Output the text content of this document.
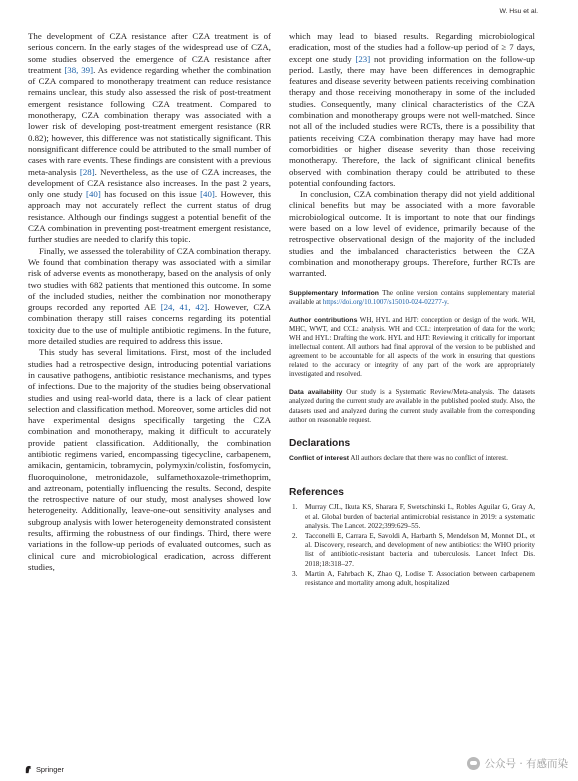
W. Hsu et al.

The development of CZA resistance after CZA treatment is of serious concern. In the early stages of the widespread use of CZA, some studies observed the emergence of CZA resistance after treatment [38, 39]. As evidence regarding whether the combination of CZA compared to monotherapy treatment can reduce resistance remains unclear, this study also assessed the risk of post-treatment emergent resistance following CZA treatment. Compared to monotherapy, CZA combination therapy was associated with a lower risk of developing post-treatment emergent resistance (RR 0.82); however, this difference was not statistically significant. This nonsignificant difference could be attributed to the small number of cases with rare events. These findings are consistent with a previous meta-analysis [28]. Nevertheless, as the use of CZA increases, the development of CZA resistance also increases. In the past 2 years, only one study [40] has focused on this issue [40]. However, this approach may not accurately reflect the current status of drug resistance. Although our findings suggest a potential benefit of the CZA combination in preventing post-treatment emergent resistance, further studies are needed to clarify this topic.

Finally, we assessed the tolerability of CZA combination therapy. We found that combination therapy was associated with a similar risk of adverse events as monotherapy, based on the analysis of only two studies with 682 patients that mentioned this outcome. In some of the included studies, neither the combination nor monotherapy groups recorded any reported AE [24, 41, 42]. However, CZA combination therapy still raises concerns regarding its potential toxicity due to the use of multiple antibiotic regimens. In the future, more detailed studies are required to address this issue.

This study has several limitations. First, most of the included studies had a retrospective design, introducing potential variations in causative pathogens, antibiotic resistance mechanisms, and types of infections. Due to the majority of the studies being observational studies and using real-world data, there is a lack of clear patient selection and classification method. Moreover, some articles did not have experimental designs specifically targeting the CZA combination and monotherapy, making it difficult to accurately provide patient classification. Additionally, the combination antibiotic regimens varied, encompassing tigecycline, carbapenem, amikacin, gentamicin, tobramycin, polymyxin/colistin, fosfomycin, fluoroquinolone, metronidazole, sulfamethoxazole-trimethoprim, and aztreonam, potentially influencing the results. Second, despite the retrospective nature of our study, most analyses showed low heterogeneity. Additionally, leave-one-out sensitivity analyses and subgroup analysis with lower heterogeneity demonstrated consistent results, affirming the robustness of our findings. Third, there were variations in the follow-up periods of evaluated outcomes, such as clinical cure and microbiological eradication, across different studies,

which may lead to biased results. Regarding microbiological eradication, most of the studies had a follow-up period of ≥ 7 days, except one study [23] not providing information on the follow-up period. Lastly, there may have been differences in demographic features and disease severity between patients receiving combination therapy and those receiving monotherapy in some of the included studies. Consequently, many clinical characteristics of the CZA combination and monotherapy groups were not well-matched. Since not all of the included studies were RCTs, there is a possibility that patients receiving CZA combination therapy may have had more comorbidities or higher disease severity than those receiving monotherapy. Therefore, the lack of significant clinical benefits observed with combination therapy could be attributed to these potential confounding factors.

In conclusion, CZA combination therapy did not yield additional clinical benefits but may be associated with a more favorable microbiological outcome. It is important to note that our findings were based on a low level of evidence, primarily because of the retrospective observational design of the majority of the included studies and the imbalanced characteristics between the CZA combination and monotherapy groups. Therefore, further RCTs are warranted.

Supplementary Information The online version contains supplementary material available at https://doi.org/10.1007/s15010-024-02277-y.
Author contributions WH, HYL and HJT: conception or design of the work. WH, MHC, WWT, and CCL: analysis. WH and CCL: interpretation of data for the work; WH and HYL: Drafting the work. HYL and HJT: Reviewing it critically for important intellectual content. All authors had final approval of the version to be published and agreement to be accountable for all aspects of the work in ensuring that questions related to the accuracy or integrity of any part of the work are appropriately investigated and resolved.
Data availability Our study is a Systematic Review/Meta-analysis. The datasets analyzed during the current study are available in the published pooled study. Also, the datasets used and analyzed during the current study available from the corresponding author on reasonable request.
Declarations
Conflict of interest All authors declare that there was no conflict of interest.
References
1. Murray CJL, Ikuta KS, Sharara F, Swetschinski L, Robles Aguilar G, Gray A, et al. Global burden of bacterial antimicrobial resistance in 2019: a systematic analysis. The Lancet. 2022;399:629–55.
2. Tacconelli E, Carrara E, Savoldi A, Harbarth S, Mendelson M, Monnet DL, et al. Discovery, research, and development of new antibiotics: the WHO priority list of antibiotic-resistant bacteria and tuberculosis. Lancet Infect Dis. 2018;18:318–27.
3. Martin A, Fahrbach K, Zhao Q, Lodise T. Association between carbapenem resistance and mortality among adult, hospitalized
Springer	公众号 · 有感而染
